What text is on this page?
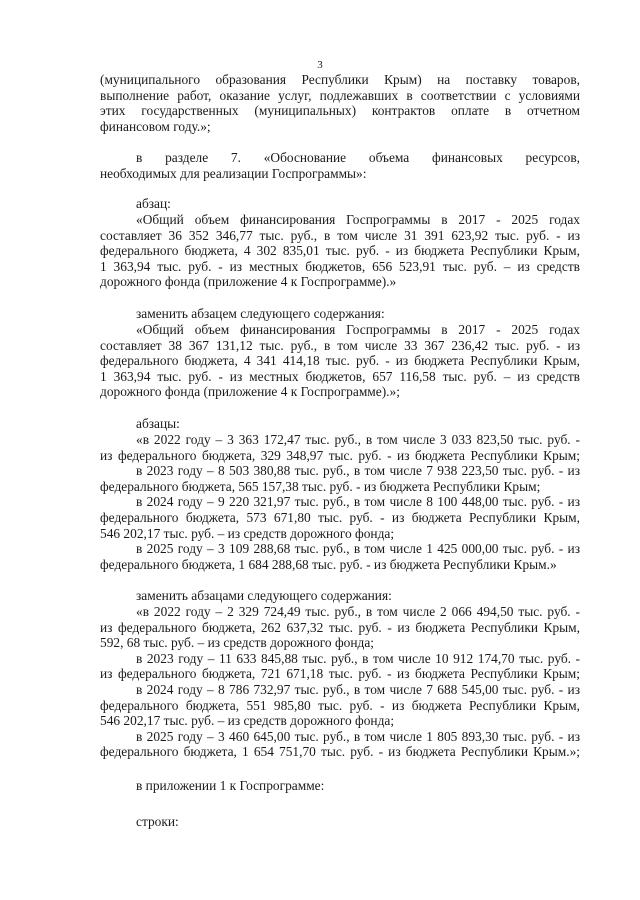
3
(муниципального образования Республики Крым) на поставку товаров,
выполнение работ, оказание услуг, подлежавших в соответствии с условиями
этих государственных (муниципальных) контрактов оплате в отчетном
финансовом году.»;
в разделе 7. «Обоснование объема финансовых ресурсов,
необходимых для реализации Госпрограммы»:
абзац:
«Общий объем финансирования Госпрограммы в 2017 - 2025 годах
составляет 36 352 346,77 тыс. руб., в том числе 31 391 623,92 тыс. руб. - из
федерального бюджета, 4 302 835,01 тыс. руб. - из бюджета Республики Крым,
1 363,94 тыс. руб. - из местных бюджетов, 656 523,91 тыс. руб. – из средств
дорожного фонда (приложение 4 к Госпрограмме).»
заменить абзацем следующего содержания:
«Общий объем финансирования Госпрограммы в 2017 - 2025 годах
составляет 38 367 131,12 тыс. руб., в том числе 33 367 236,42 тыс. руб. - из
федерального бюджета, 4 341 414,18 тыс. руб. - из бюджета Республики Крым,
1 363,94 тыс. руб. - из местных бюджетов, 657 116,58 тыс. руб. – из средств
дорожного фонда (приложение 4 к Госпрограмме).»;
абзацы:
«в 2022 году – 3 363 172,47 тыс. руб., в том числе 3 033 823,50 тыс. руб. -
из федерального бюджета, 329 348,97 тыс. руб. - из бюджета Республики Крым;
в 2023 году – 8 503 380,88 тыс. руб., в том числе 7 938 223,50 тыс. руб. - из
федерального бюджета, 565 157,38 тыс. руб. - из бюджета Республики Крым;
в 2024 году – 9 220 321,97 тыс. руб., в том числе 8 100 448,00 тыс. руб. - из
федерального бюджета, 573 671,80 тыс. руб. - из бюджета Республики Крым,
546 202,17 тыс. руб. – из средств дорожного фонда;
в 2025 году – 3 109 288,68 тыс. руб., в том числе 1 425 000,00 тыс. руб. - из
федерального бюджета, 1 684 288,68 тыс. руб. - из бюджета Республики Крым.»
заменить абзацами следующего содержания:
«в 2022 году – 2 329 724,49 тыс. руб., в том числе 2 066 494,50 тыс. руб. -
из федерального бюджета, 262 637,32 тыс. руб. - из бюджета Республики Крым,
592, 68 тыс. руб. – из средств дорожного фонда;
в 2023 году – 11 633 845,88 тыс. руб., в том числе 10 912 174,70 тыс. руб. -
из федерального бюджета, 721 671,18 тыс. руб. - из бюджета Республики Крым;
в 2024 году – 8 786 732,97 тыс. руб., в том числе 7 688 545,00 тыс. руб. - из
федерального бюджета, 551 985,80 тыс. руб. - из бюджета Республики Крым,
546 202,17 тыс. руб. – из средств дорожного фонда;
в 2025 году – 3 460 645,00 тыс. руб., в том числе 1 805 893,30 тыс. руб. - из
федерального бюджета, 1 654 751,70 тыс. руб. - из бюджета Республики Крым.»;
в приложении 1 к Госпрограмме:
строки:
